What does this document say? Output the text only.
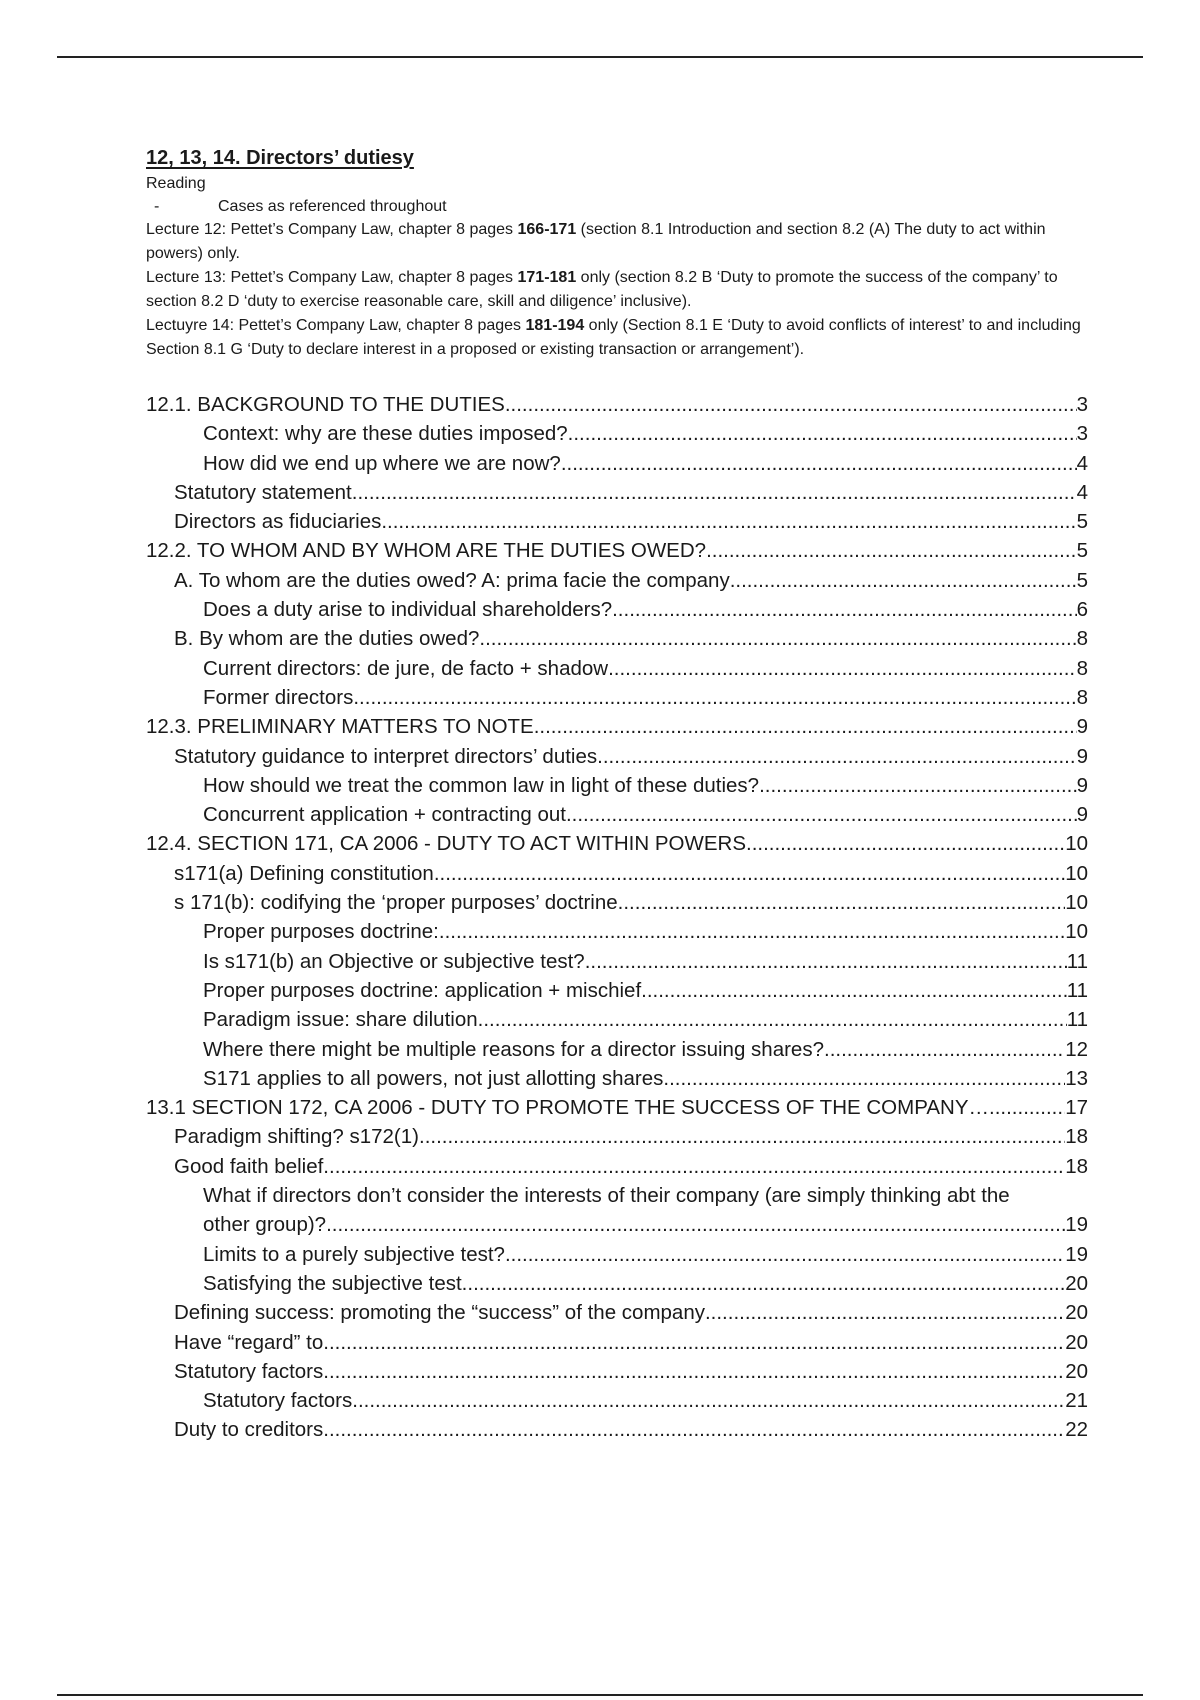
12, 13, 14. Directors’ dutiesy

Reading

-	Cases as referenced throughout

Lecture 12: Pettet’s Company Law, chapter 8 pages 166-171 (section 8.1 Introduction and section 8.2 (A) The duty to act within powers) only.

Lecture 13: Pettet’s Company Law, chapter 8 pages 171-181 only (section 8.2 B ‘Duty to promote the success of the company’ to section 8.2 D ‘duty to exercise reasonable care, skill and diligence’ inclusive).

Lectuyre 14: Pettet’s Company Law, chapter 8 pages 181-194 only (Section 8.1 E ‘Duty to avoid conflicts of interest’ to and including Section 8.1 G ‘Duty to declare interest in a proposed or existing transaction or arrangement’).

12.1. BACKGROUND TO THE DUTIES .....	3
Context: why are these duties imposed? .....	3
How did we end up where we are now? .....	4
Statutory statement .....	4
Directors as fiduciaries .....	5
12.2. TO WHOM AND BY WHOM ARE THE DUTIES OWED? .....	5
A. To whom are the duties owed? A: prima facie the company .....	5
Does a duty arise to individual shareholders? .....	6
B. By whom are the duties owed? .....	8
Current directors: de jure, de facto + shadow .....	8
Former directors .....	8
12.3. PRELIMINARY MATTERS TO NOTE .....	9
Statutory guidance to interpret directors’ duties .....	9
How should we treat the common law in light of these duties? .....	9
Concurrent application + contracting out .....	9
12.4. SECTION 171, CA 2006 - DUTY TO ACT WITHIN POWERS .....	10
s171(a) Defining constitution .....	10
s 171(b): codifying the ‘proper purposes’ doctrine .....	10
Proper purposes doctrine: .....	10
Is s171(b) an Objective or subjective test? .....	11
Proper purposes doctrine: application + mischief .....	11
Paradigm issue: share dilution .....	11
Where there might be multiple reasons for a director issuing shares? .....	12
S171 applies to all powers, not just allotting shares .....	13
13.1 SECTION 172, CA 2006 - DUTY TO PROMOTE THE SUCCESS OF THE COMPANY… .....	17
Paradigm shifting? s172(1) .....	18
Good faith belief .....	18
What if directors don’t consider the interests of their company (are simply thinking abt the
other group)? .....	19
Limits to a purely subjective test? .....	19
Satisfying the subjective test .....	20
Defining success: promoting the “success” of the company .....	20
Have “regard” to .....	20
Statutory factors .....	20
Statutory factors .....	21
Duty to creditors .....	22
